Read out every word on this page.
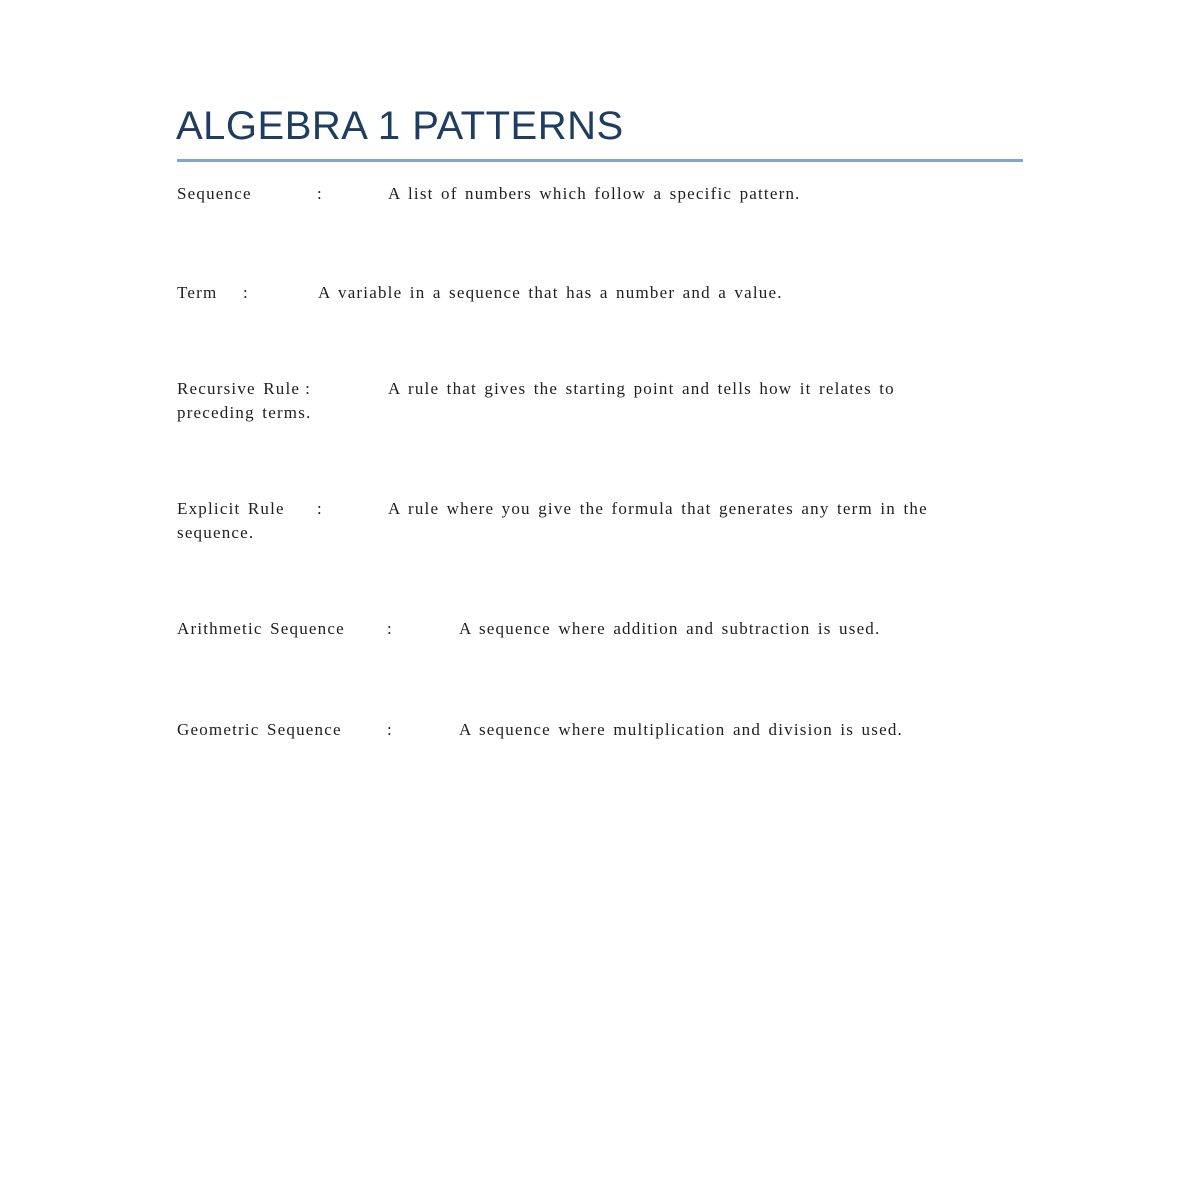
ALGEBRA 1 PATTERNS
Sequence	:	A list of numbers which follow a specific pattern.
Term :	A variable in a sequence that has a number and a value.
Recursive Rule :	A rule that gives the starting point and tells how it relates to
preceding terms.
Explicit Rule :	A rule where you give the formula that generates any term in the
sequence.
Arithmetic Sequence :	A sequence where addition and subtraction is used.
Geometric Sequence	:	A sequence where multiplication and division is used.
